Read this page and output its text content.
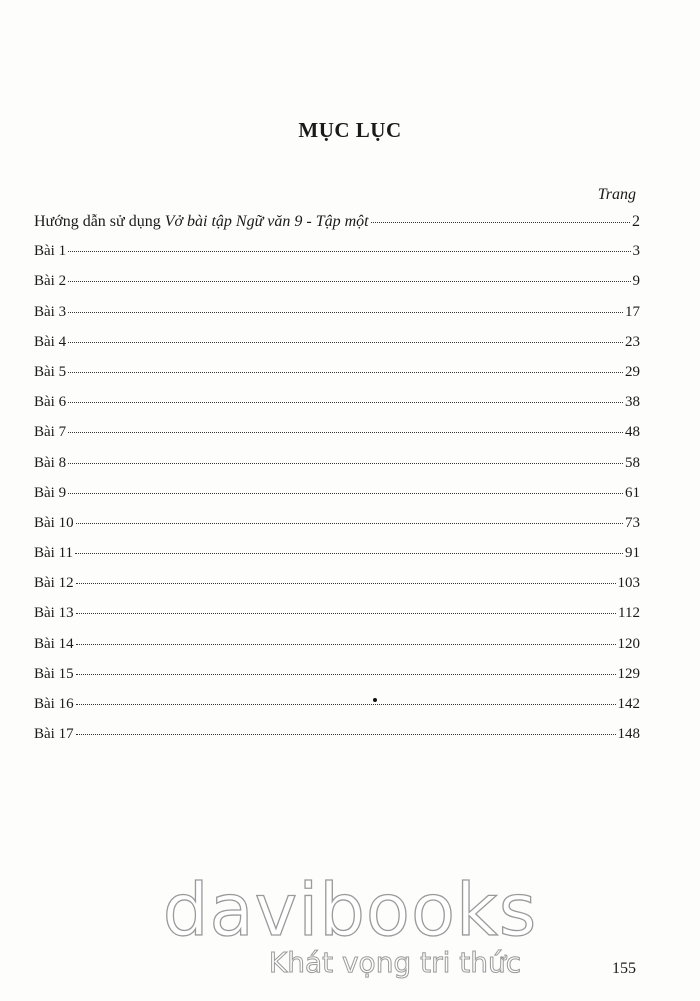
MỤC LỤC
Trang
Hướng dẫn sử dụng Vở bài tập Ngữ văn 9 - Tập một	2
Bài 1	3
Bài 2	9
Bài 3	17
Bài 4	23
Bài 5	29
Bài 6	38
Bài 7	48
Bài 8	58
Bài 9	61
Bài 10	73
Bài 11	91
Bài 12	103
Bài 13	112
Bài 14	120
Bài 15	129
Bài 16	142
Bài 17	148
davibooks
Khát vọng tri thức	155
